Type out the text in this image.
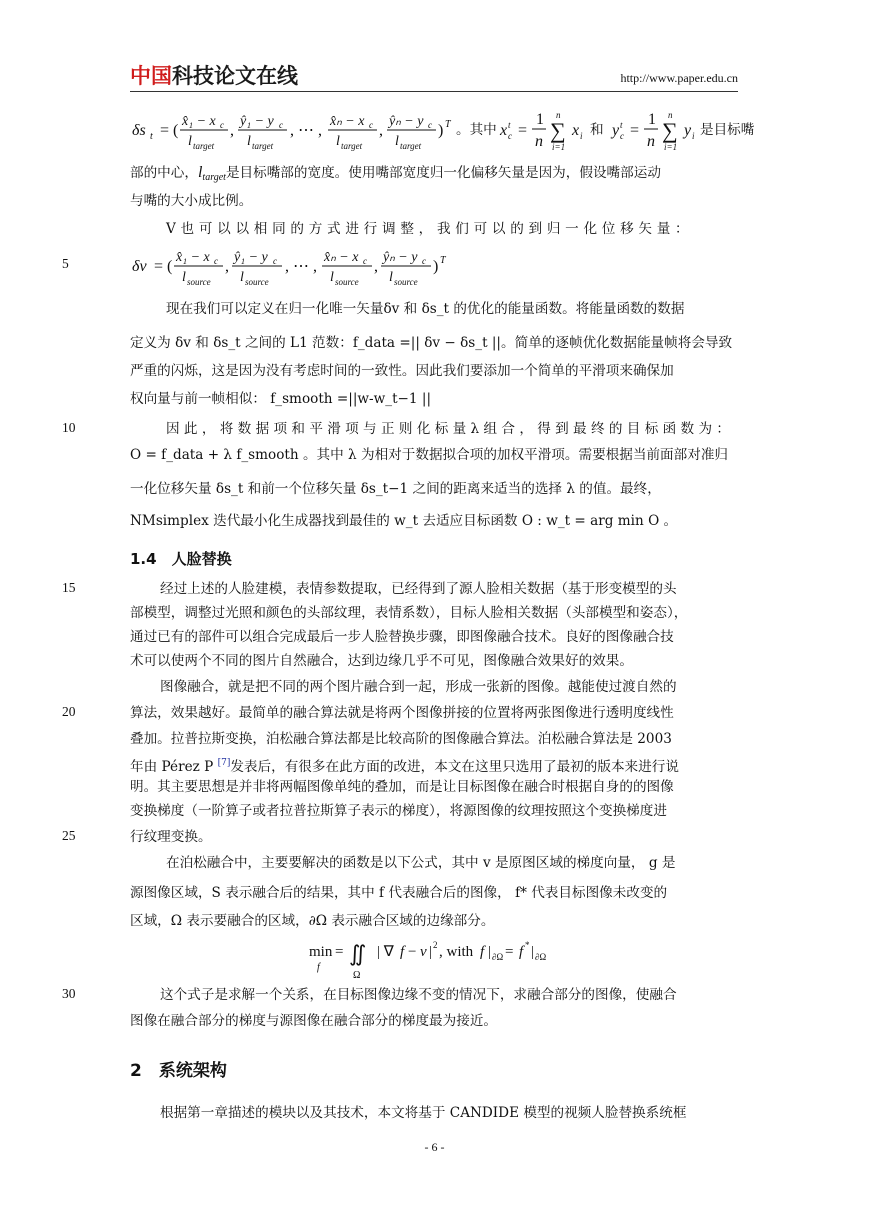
中国科技论文在线	http://www.paper.edu.cn
δs t = (
x̂₁ − x c
l target
,
ŷ₁ − y c
l target
, ⋯ ,
x̂ₙ − x c
l target
,
ŷₙ − y c
l target
) T 。其中 x t
c =
1
n
n
∑
i=1
x i 和 y t
c =
1
n
n
∑
i=1
y i 是目标嘴
部的中心，$l_{target}$是目标嘴部的宽度。使用嘴部宽度归一化偏移矢量是因为，假设嘴部运动
与嘴的大小成比例。
V 也 可 以 以 相 同 的 方 式 进 行 调 整 ， 我 们 可 以 的 到 归 一 化 位 移 矢 量 ：
5	δv = (
x̂₁ − x c
l source
,
ŷ₁ − y c
l source
, ⋯ ,
x̂ₙ − x c
l source
,
ŷₙ − y c
l source
) T
现在我们可以定义在归一化唯一矢量δv 和 δs_t 的优化的能量函数。将能量函数的数据
定义为 δv 和 δs_t 之间的 L1 范数：f_data =|| δv − δs_t ||。简单的逐帧优化数据能量帧将会导致
严重的闪烁，这是因为没有考虑时间的一致性。因此我们要添加一个简单的平滑项来确保加
权向量与前一帧相似： f_smooth =||w-w_t−1 ||
10	因 此 ， 将 数 据 项 和 平 滑 项 与 正 则 化 标 量 λ 组 合 ， 得 到 最 终 的 目 标 函 数 为 ：
O = f_data + λ f_smooth 。其中 λ 为相对于数据拟合项的加权平滑项。需要根据当前面部对准归
一化位移矢量 δs_t 和前一个位移矢量 δs_t−1 之间的距离来适当的选择 λ 的值。最终，
NMsimplex 迭代最小化生成器找到最佳的 w_t 去适应目标函数 O : w_t = arg min O 。
1.4　人脸替换
15	经过上述的人脸建模，表情参数提取，已经得到了源人脸相关数据（基于形变模型的头
部模型，调整过光照和颜色的头部纹理，表情系数），目标人脸相关数据（头部模型和姿态），
通过已有的部件可以组合完成最后一步人脸替换步骤，即图像融合技术。良好的图像融合技
术可以使两个不同的图片自然融合，达到边缘几乎不可见，图像融合效果好的效果。
图像融合，就是把不同的两个图片融合到一起，形成一张新的图像。越能使过渡自然的
20	算法，效果越好。最简单的融合算法就是将两个图像拼接的位置将两张图像进行透明度线性
叠加。拉普拉斯变换，泊松融合算法都是比较高阶的图像融合算法。泊松融合算法是 2003
年由 Pérez P [7]发表后，有很多在此方面的改进，本文在这里只选用了最初的版本来进行说
明。其主要思想是并非将两幅图像单纯的叠加，而是让目标图像在融合时根据自身的的图像
变换梯度（一阶算子或者拉普拉斯算子表示的梯度），将源图像的纹理按照这个变换梯度进
25	行纹理变换。
在泊松融合中，主要要解决的函数是以下公式，其中 v 是原图区域的梯度向量， g 是
源图像区域，S 表示融合后的结果，其中 f 代表融合后的图像， f* 代表目标图像未改变的
区域，Ω 表示要融合的区域，∂Ω 表示融合区域的边缘部分。
min
f
= ∬
Ω
| ∇ f − v | 2 , with f | ∂Ω = f * | ∂Ω
30	这个式子是求解一个关系，在目标图像边缘不变的情况下，求融合部分的图像，使融合
图像在融合部分的梯度与源图像在融合部分的梯度最为接近。
2　系统架构
根据第一章描述的模块以及其技术，本文将基于 CANDIDE 模型的视频人脸替换系统框
- 6 -
